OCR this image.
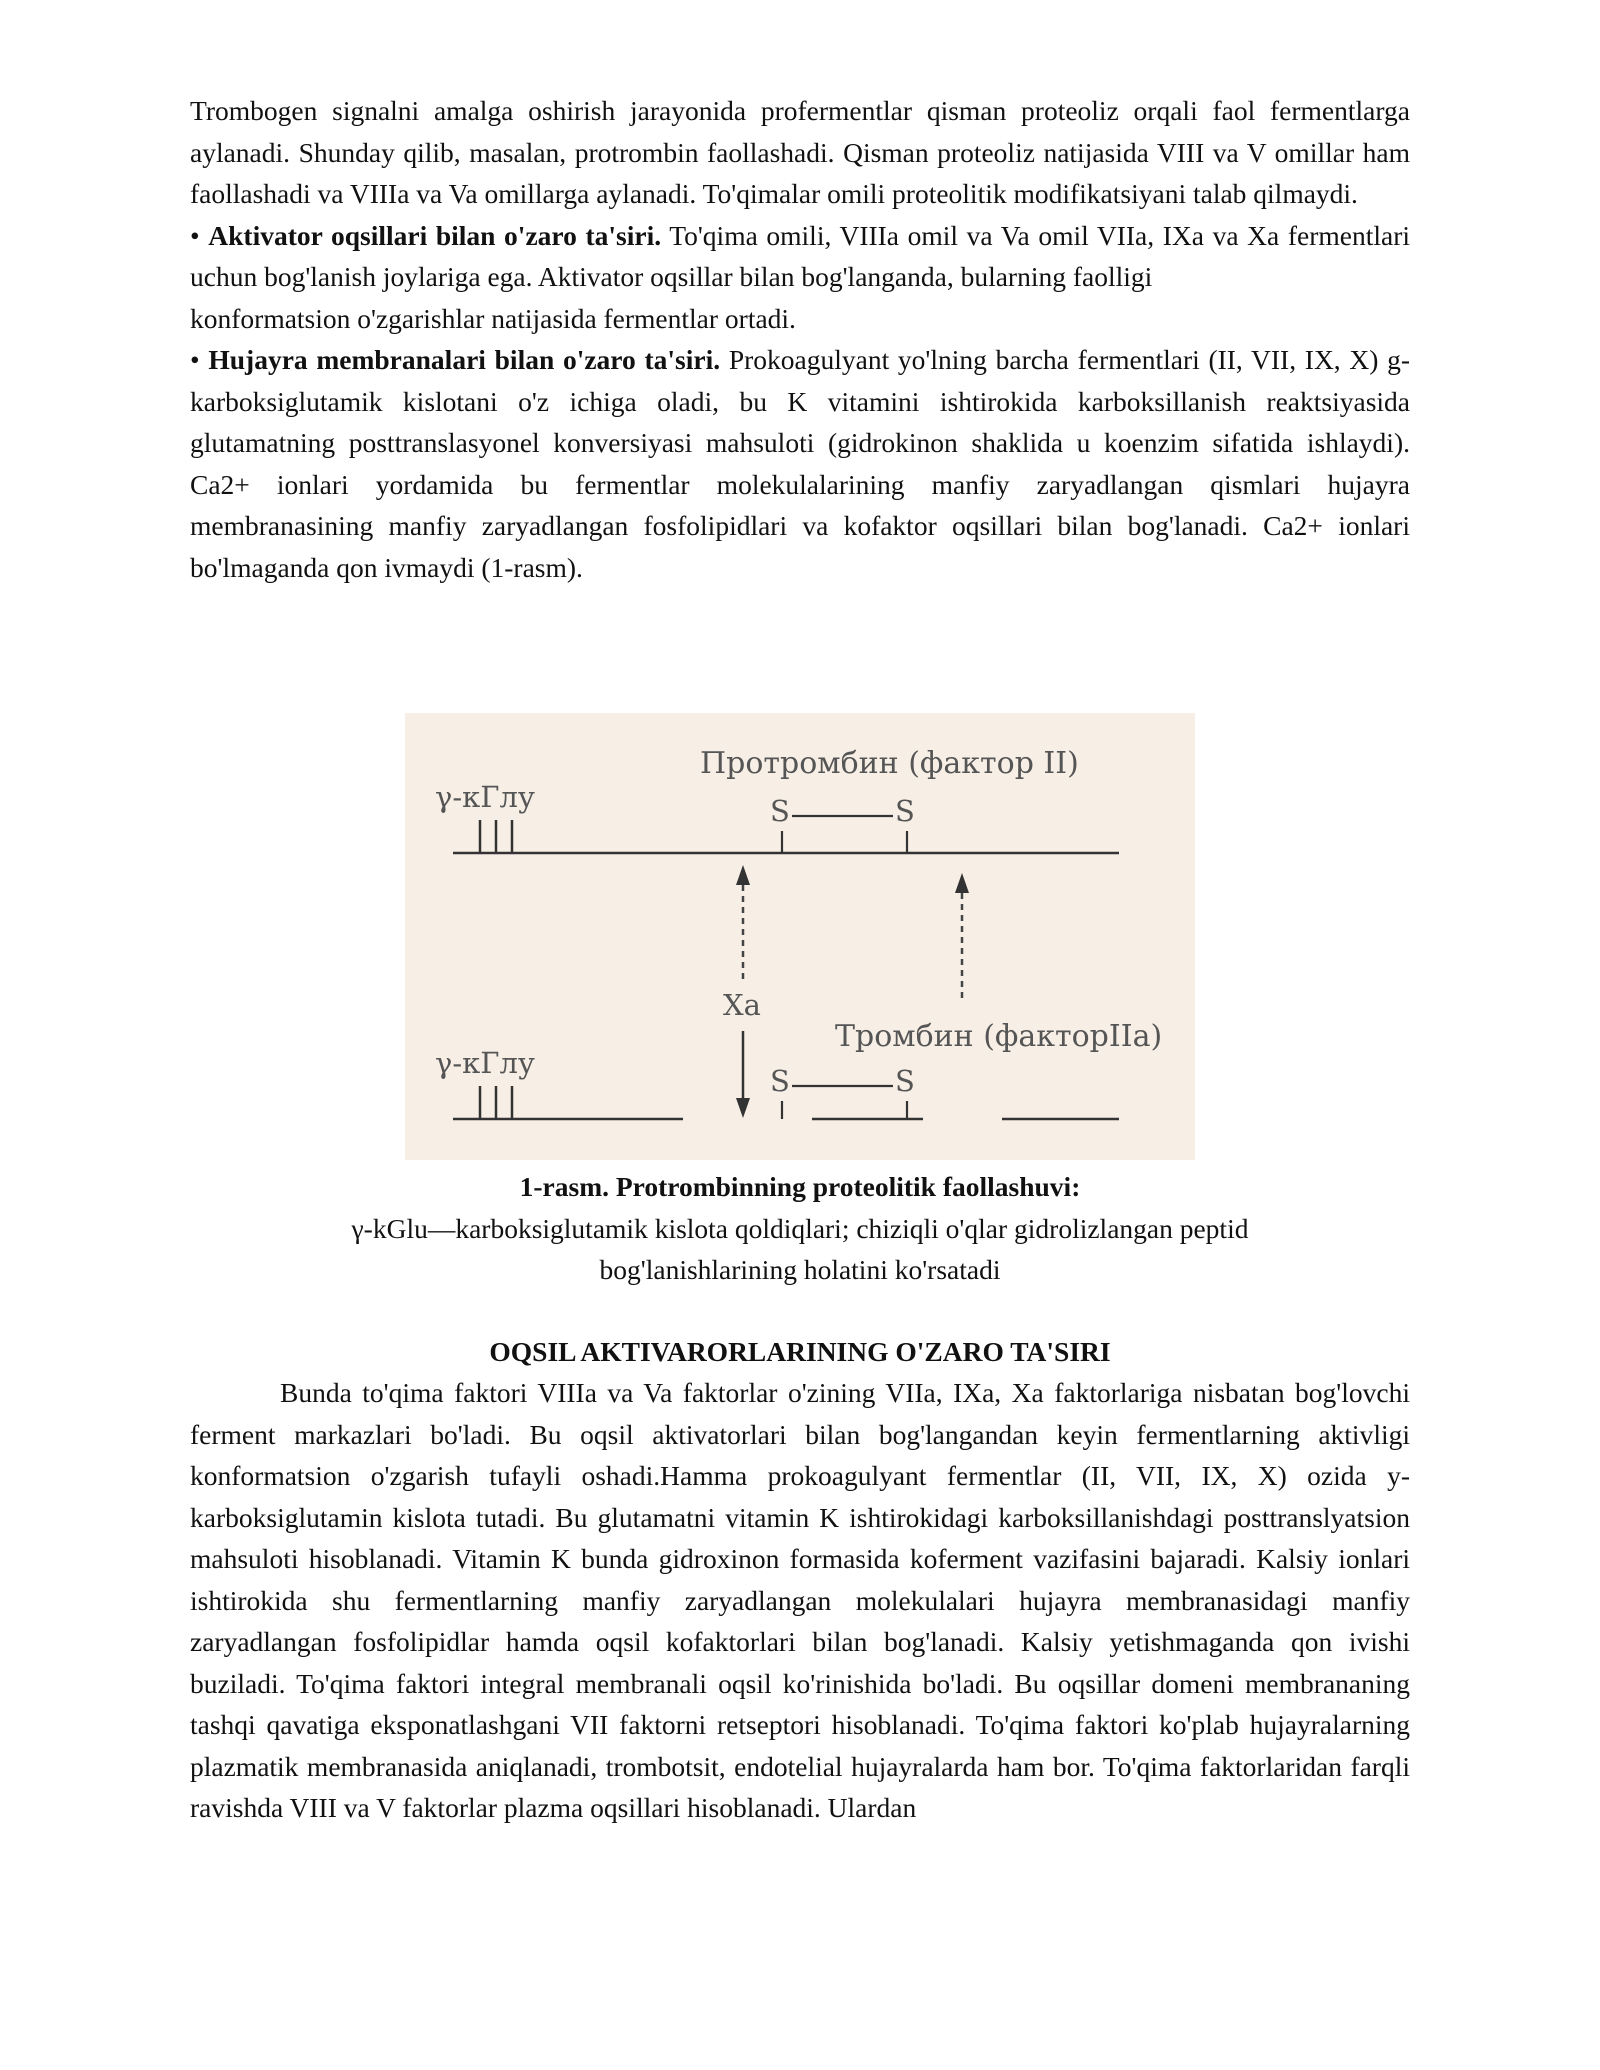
Trombogen signalni amalga oshirish jarayonida profermentlar qisman proteoliz orqali faol fermentlarga aylanadi. Shunday qilib, masalan, protrombin faollashadi. Qisman proteoliz natijasida VIII va V omillar ham faollashadi va VIIIa va Va omillarga aylanadi. To'qimalar omili proteolitik modifikatsiyani talab qilmaydi.

• Aktivator oqsillari bilan o'zaro ta'siri. To'qima omili, VIIIa omil va Va omil VIIa, IXa va Xa fermentlari uchun bog'lanish joylariga ega. Aktivator oqsillar bilan bog'langanda, bularning faolligi

konformatsion o'zgarishlar natijasida fermentlar ortadi.

• Hujayra membranalari bilan o'zaro ta'siri. Prokoagulyant yo'lning barcha fermentlari (II, VII, IX, X) g-karboksiglutamik kislotani o'z ichiga oladi, bu K vitamini ishtirokida karboksillanish reaktsiyasida glutamatning posttranslasyonel konversiyasi mahsuloti (gidrokinon shaklida u koenzim sifatida ishlaydi). Ca2+ ionlari yordamida bu fermentlar molekulalarining manfiy zaryadlangan qismlari hujayra membranasining manfiy zaryadlangan fosfolipidlari va kofaktor oqsillari bilan bog'lanadi. Ca2+ ionlari bo'lmaganda qon ivmaydi (1-rasm).

Протромбин (фактор II)
γ-кГлу	S	S
Xa
Тромбин (факторIIa)
γ-кГлу
S	S
1-rasm. Protrombinning proteolitik faollashuvi:
γ-kGlu—karboksiglutamik kislota qoldiqlari; chiziqli o'qlar gidrolizlangan peptid
bog'lanishlarining holatini ko'rsatadi
OQSIL AKTIVARORLARINING O'ZARO TA'SIRI

Bunda to'qima faktori VIIIa va Va faktorlar o'zining VIIa, IXa, Xa faktorlariga nisbatan bog'lovchi ferment markazlari bo'ladi. Bu oqsil aktivatorlari bilan bog'langandan keyin fermentlarning aktivligi konformatsion o'zgarish tufayli oshadi.Hamma prokoagulyant fermentlar (II, VII, IX, X) ozida y-karboksiglutamin kislota tutadi. Bu glutamatni vitamin K ishtirokidagi karboksillanishdagi posttranslyatsion mahsuloti hisoblanadi. Vitamin K bunda gidroxinon formasida koferment vazifasini bajaradi. Kalsiy ionlari ishtirokida shu fermentlarning manfiy zaryadlangan molekulalari hujayra membranasidagi manfiy zaryadlangan fosfolipidlar hamda oqsil kofaktorlari bilan bog'lanadi. Kalsiy yetishmaganda qon ivishi buziladi. To'qima faktori integral membranali oqsil ko'rinishida bo'ladi. Bu oqsillar domeni membrananing tashqi qavatiga eksponatlashgani VII faktorni retseptori hisoblanadi. To'qima faktori ko'plab hujayralarning plazmatik membranasida aniqlanadi, trombotsit, endotelial hujayralarda ham bor. To'qima faktorlaridan farqli ravishda VIII va V faktorlar plazma oqsillari hisoblanadi. Ulardan
